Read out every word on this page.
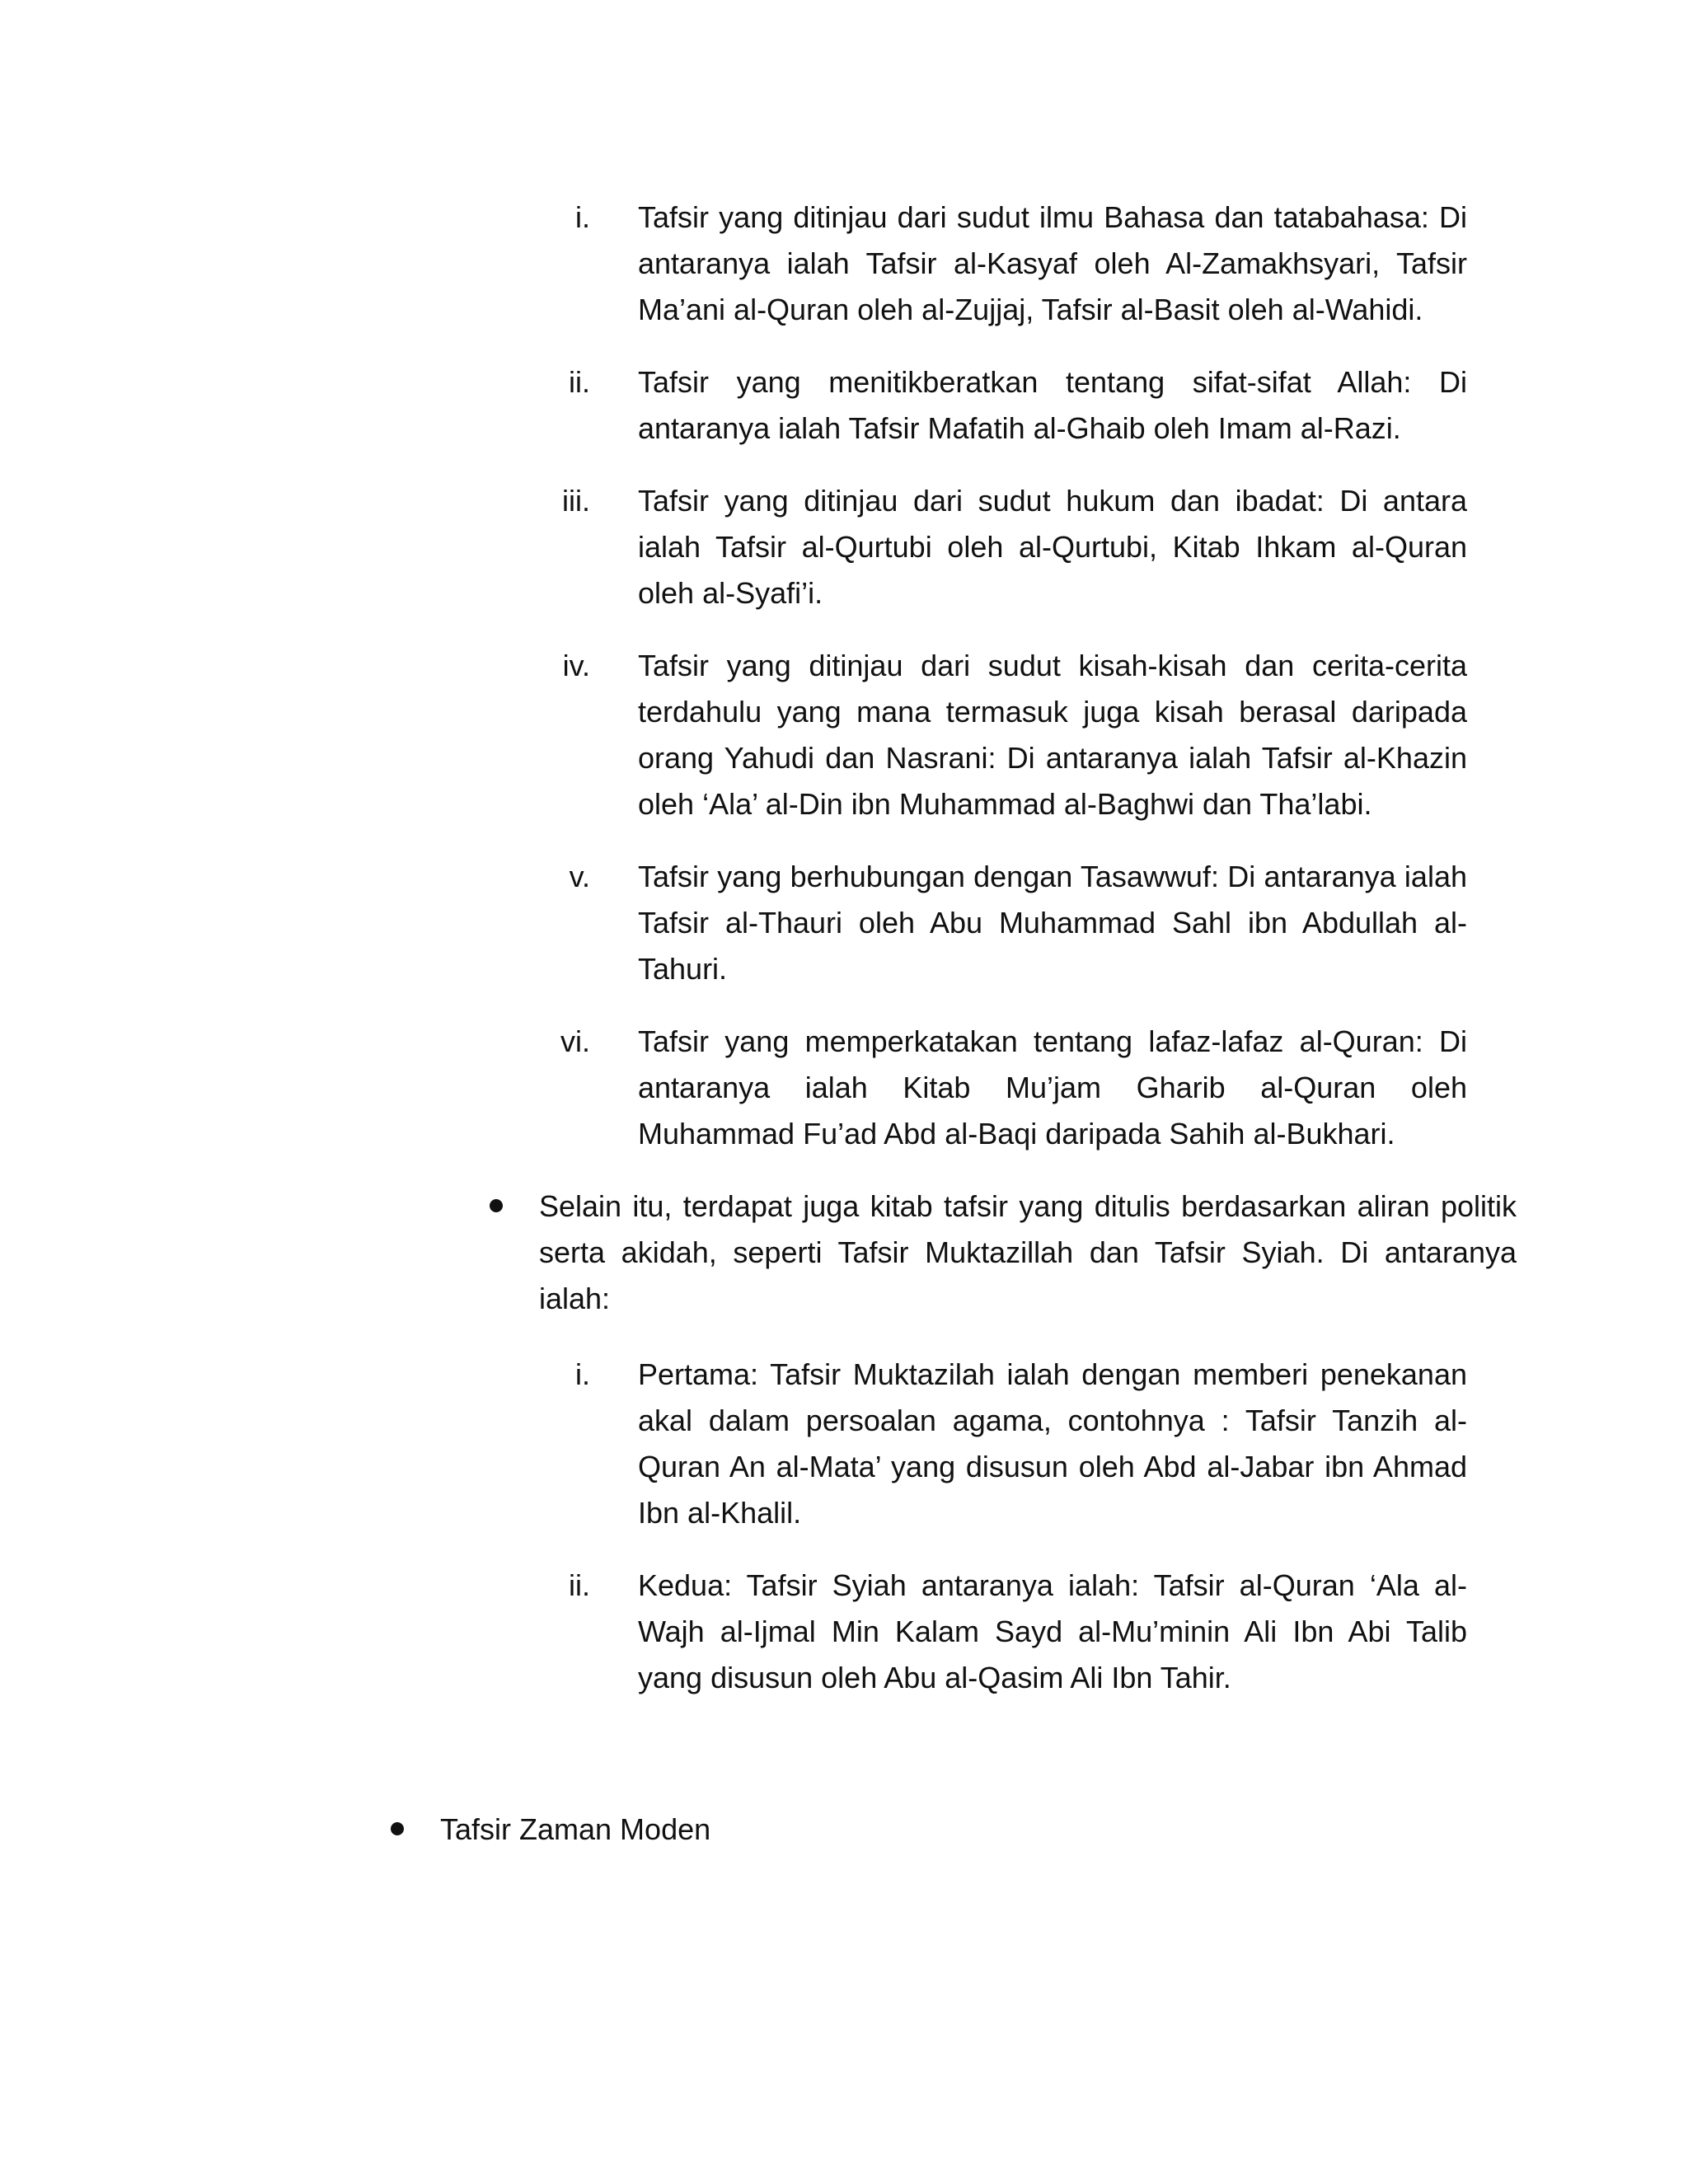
i. Tafsir yang ditinjau dari sudut ilmu Bahasa dan tatabahasa: Di antaranya ialah Tafsir al-Kasyaf oleh Al-Zamakhsyari, Tafsir Ma’ani al-Quran oleh al-Zujjaj, Tafsir al-Basit oleh al-Wahidi.
ii. Tafsir yang menitikberatkan tentang sifat-sifat Allah: Di antaranya ialah Tafsir Mafatih al-Ghaib oleh Imam al-Razi.
iii. Tafsir yang ditinjau dari sudut hukum dan ibadat: Di antara ialah Tafsir al-Qurtubi oleh al-Qurtubi, Kitab Ihkam al-Quran oleh al-Syafi’i.
iv. Tafsir yang ditinjau dari sudut kisah-kisah dan cerita-cerita terdahulu yang mana termasuk juga kisah berasal daripada orang Yahudi dan Nasrani: Di antaranya ialah Tafsir al-Khazin oleh ‘Ala’ al-Din ibn Muhammad al-Baghwi dan Tha’labi.
v. Tafsir yang berhubungan dengan Tasawwuf: Di antaranya ialah Tafsir al-Thauri oleh Abu Muhammad Sahl ibn Abdullah al-Tahuri.
vi. Tafsir yang memperkatakan tentang lafaz-lafaz al-Quran: Di antaranya ialah Kitab Mu’jam Gharib al-Quran oleh Muhammad Fu’ad Abd al-Baqi daripada Sahih al-Bukhari.
Selain itu, terdapat juga kitab tafsir yang ditulis berdasarkan aliran politik serta akidah, seperti Tafsir Muktazillah dan Tafsir Syiah. Di antaranya ialah:
i. Pertama: Tafsir Muktazilah ialah dengan memberi penekanan akal dalam persoalan agama, contohnya : Tafsir Tanzih al-Quran An al-Mata’ yang disusun oleh Abd al-Jabar ibn Ahmad Ibn al-Khalil.
ii. Kedua: Tafsir Syiah antaranya ialah: Tafsir al-Quran ‘Ala al-Wajh al-Ijmal Min Kalam Sayd al-Mu’minin Ali Ibn Abi Talib yang disusun oleh Abu al-Qasim Ali Ibn Tahir.
Tafsir Zaman Moden
